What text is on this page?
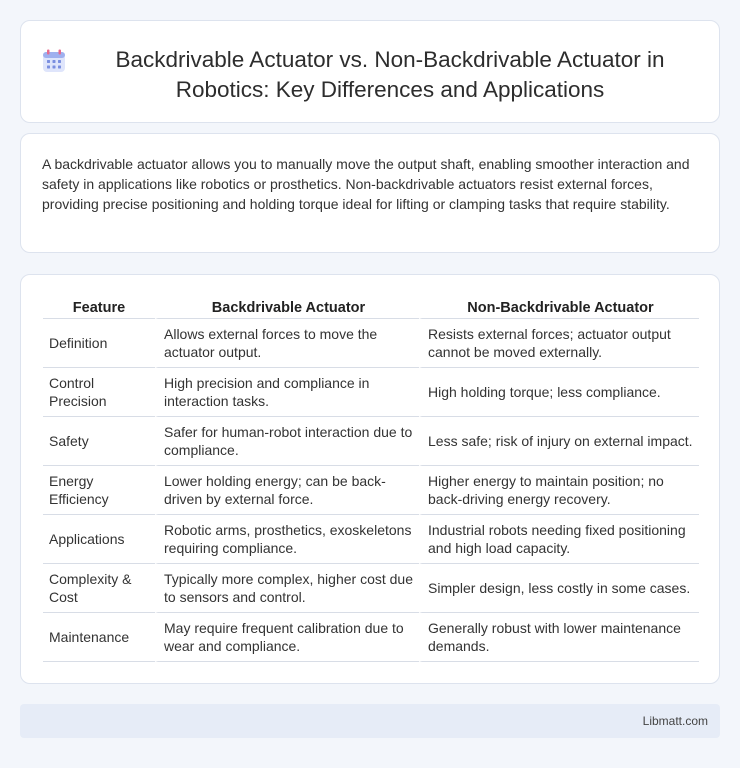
Backdrivable Actuator vs. Non-Backdrivable Actuator in Robotics: Key Differences and Applications

A backdrivable actuator allows you to manually move the output shaft, enabling smoother interaction and safety in applications like robotics or prosthetics. Non-backdrivable actuators resist external forces, providing precise positioning and holding torque ideal for lifting or clamping tasks that require stability.

Feature	Backdrivable Actuator	Non-Backdrivable Actuator
Definition	Allows external forces to move the actuator output.	Resists external forces; actuator output cannot be moved externally.
Control Precision	High precision and compliance in interaction tasks.	High holding torque; less compliance.
Safety	Safer for human-robot interaction due to compliance.	Less safe; risk of injury on external impact.
Energy Efficiency	Lower holding energy; can be back-driven by external force.	Higher energy to maintain position; no back-driving energy recovery.
Applications	Robotic arms, prosthetics, exoskeletons requiring compliance.	Industrial robots needing fixed positioning and high load capacity.
Complexity & Cost	Typically more complex, higher cost due to sensors and control.	Simpler design, less costly in some cases.
Maintenance	May require frequent calibration due to wear and compliance.	Generally robust with lower maintenance demands.
Libmatt.com
